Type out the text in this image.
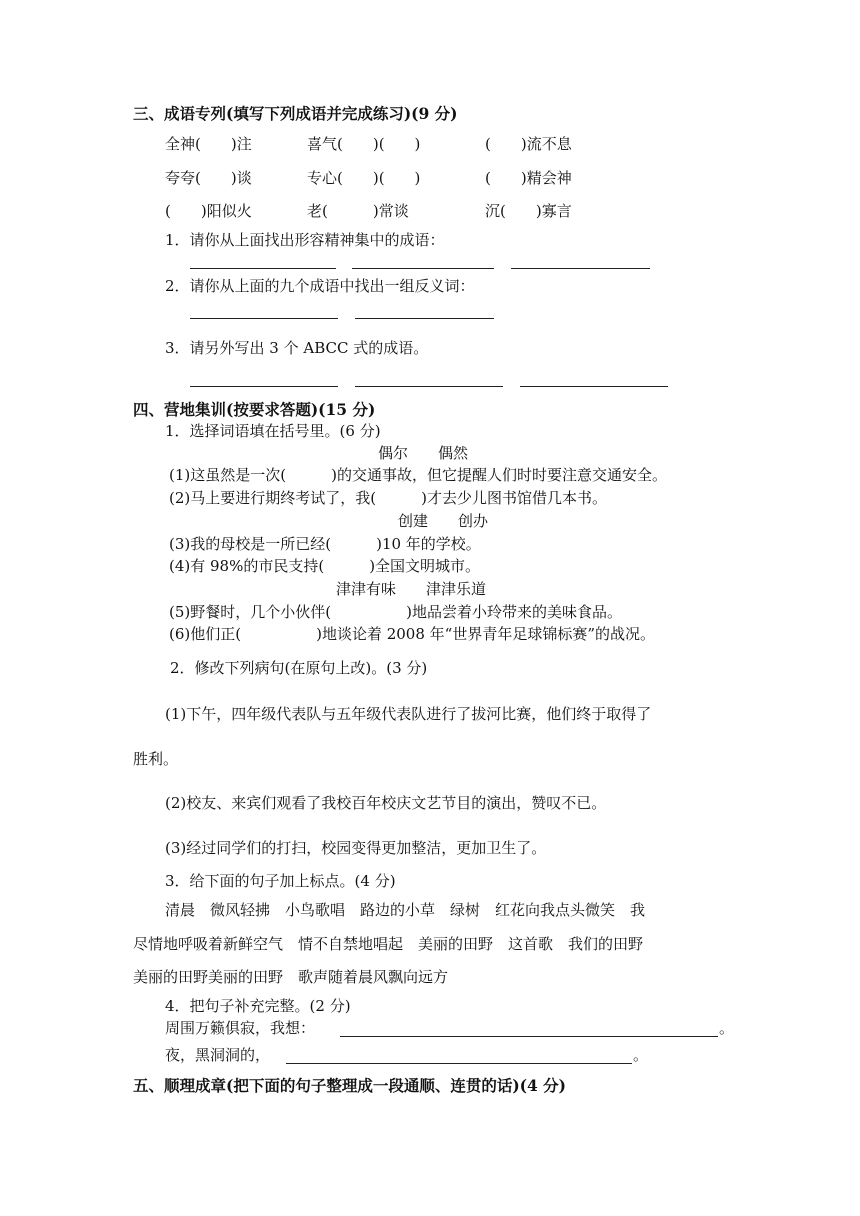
三、成语专列(填写下列成语并完成练习)(9 分)
全神(　　)注	喜气(　　)(　　)	(　　)流不息
夸夸(　　)谈	专心(　　)(　　)	(　　)精会神
(　　)阳似火	老(　　　)常谈	沉(　　)寡言
1．请你从上面找出形容精神集中的成语：
2．请你从上面的九个成语中找出一组反义词：
3．请另外写出 3 个 ABCC 式的成语。
四、营地集训(按要求答题)(15 分)
1．选择词语填在括号里。(6 分)
偶尔　　偶然
(1)这虽然是一次(　　　)的交通事故，但它提醒人们时时要注意交通安全。
(2)马上要进行期终考试了，我(　　　)才去少儿图书馆借几本书。
创建　　创办
(3)我的母校是一所已经(　　　)10 年的学校。
(4)有 98%的市民支持(　　　)全国文明城市。
津津有味　　津津乐道
(5)野餐时，几个小伙伴(　　　　　)地品尝着小玲带来的美味食品。
(6)他们正(　　　　　)地谈论着 2008 年“世界青年足球锦标赛”的战况。
2．修改下列病句(在原句上改)。(3 分)
(1)下午，四年级代表队与五年级代表队进行了拔河比赛，他们终于取得了
胜利。
(2)校友、来宾们观看了我校百年校庆文艺节目的演出，赞叹不已。
(3)经过同学们的打扫，校园变得更加整洁，更加卫生了。
3．给下面的句子加上标点。(4 分)
清晨　微风轻拂　小鸟歌唱　路边的小草　绿树　红花向我点头微笑　我
尽情地呼吸着新鲜空气　情不自禁地唱起　美丽的田野　这首歌　我们的田野
美丽的田野美丽的田野　歌声随着晨风飘向远方
4．把句子补充完整。(2 分)
周围万籁俱寂，我想：	。
夜，黑洞洞的，	。
五、顺理成章(把下面的句子整理成一段通顺、连贯的话)(4 分)
